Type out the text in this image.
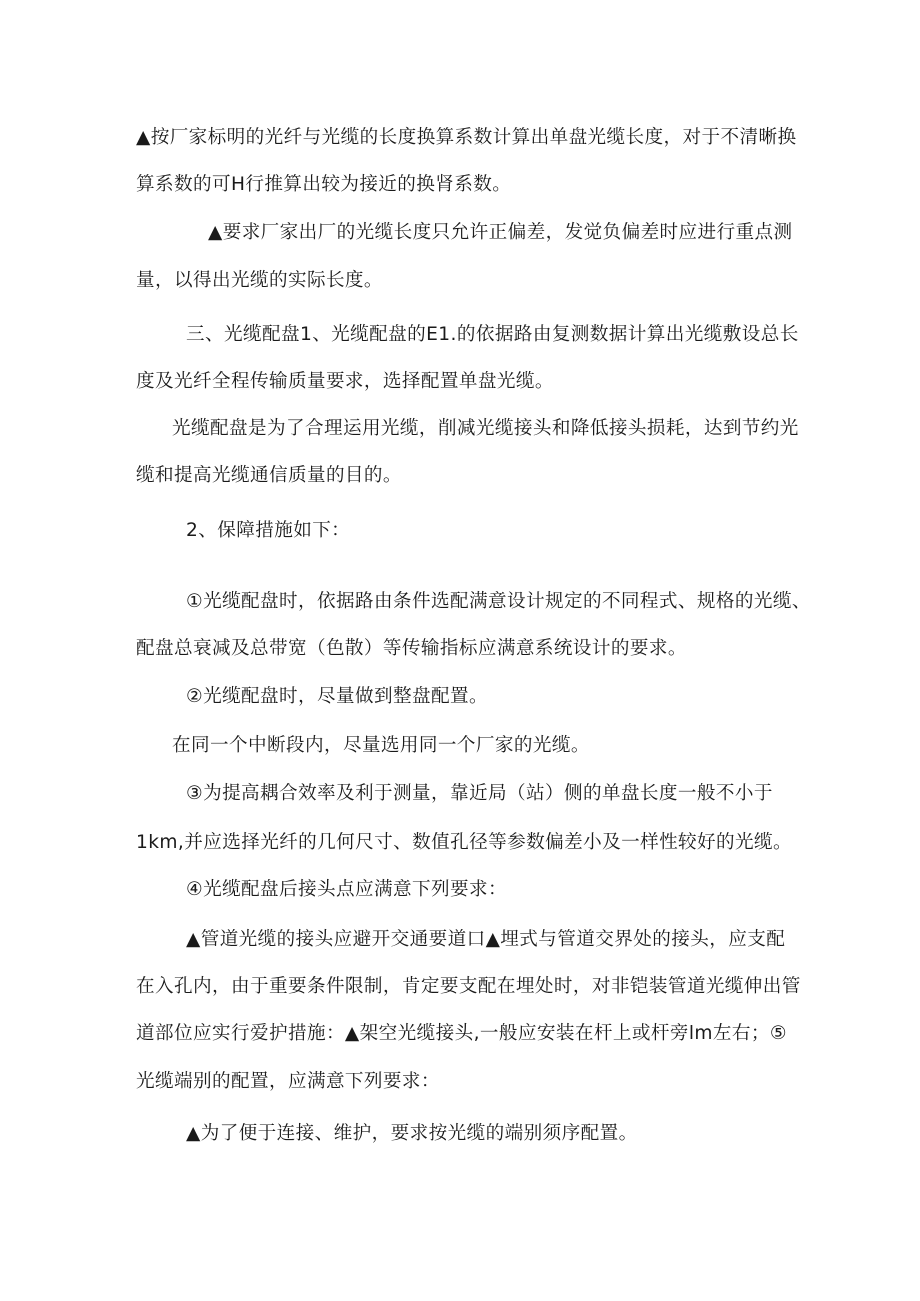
▲按厂家标明的光纤与光缆的长度换算系数计算出单盘光缆长度，对于不清晰换
算系数的可H行推算出较为接近的换肾系数。
▲要求厂家出厂的光缆长度只允许正偏差，发觉负偏差时应进行重点测
量，以得出光缆的实际长度。
三、光缆配盘1、光缆配盘的E1.的依据路由复测数据计算出光缆敷设总长
度及光纤全程传输质量要求，选择配置单盘光缆。
光缆配盘是为了合理运用光缆，削减光缆接头和降低接头损耗，达到节约光
缆和提高光缆通信质量的目的。
2、保障措施如下：
①光缆配盘时，依据路由条件选配满意设计规定的不同程式、规格的光缆、
配盘总衰减及总带宽（色散）等传输指标应满意系统设计的要求。
②光缆配盘时，尽量做到整盘配置。
在同一个中断段内，尽量选用同一个厂家的光缆。
③为提高耦合效率及利于测量，靠近局（站）侧的单盘长度一般不小于
1km,并应选择光纤的几何尺寸、数值孔径等参数偏差小及一样性较好的光缆。
④光缆配盘后接头点应满意下列要求：
▲管道光缆的接头应避开交通要道口▲埋式与管道交界处的接头，应支配
在入孔内，由于重要条件限制，肯定要支配在埋处时，对非铠装管道光缆伸出管
道部位应实行爱护措施：▲架空光缆接头,一般应安装在杆上或杆旁lm左右；⑤
光缆端别的配置，应满意下列要求：
▲为了便于连接、维护，要求按光缆的端别须序配置。
